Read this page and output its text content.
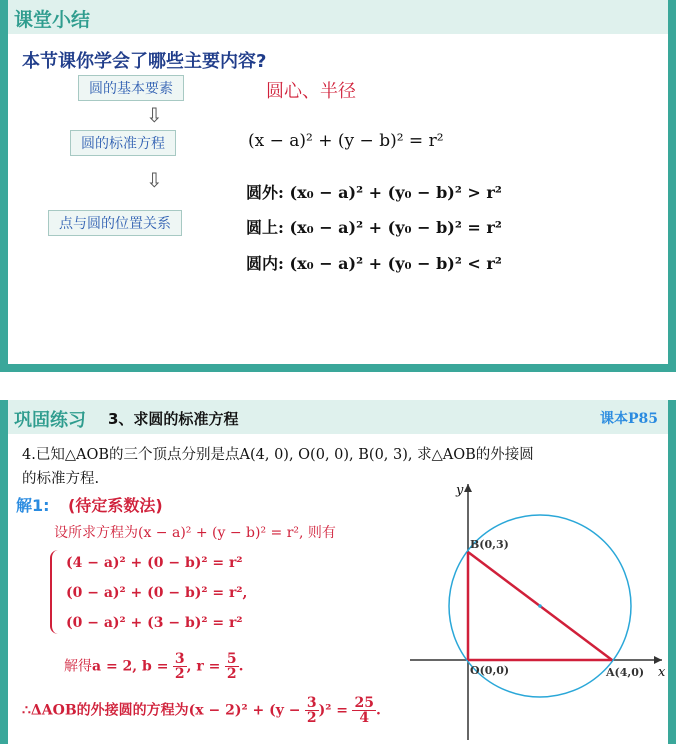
课堂小结
本节课你学会了哪些主要内容?
圆的基本要素	圆心、半径
⇩
圆的标准方程	(x − a)² + (y − b)² = r²
⇩
点与圆的位置关系
圆外: (x₀ − a)² + (y₀ − b)² > r²
圆上: (x₀ − a)² + (y₀ − b)² = r²
圆内: (x₀ − a)² + (y₀ − b)² < r²
巩固练习 3、求圆的标准方程	课本P85
4.已知△AOB的三个顶点分别是点A(4, 0), O(0, 0), B(0, 3), 求△AOB的外接圆
的标准方程.
解1: (待定系数法)
设所求方程为(x − a)² + (y − b)² = r², 则有
(4 − a)² + (0 − b)² = r²
(0 − a)² + (0 − b)² = r²,
(0 − a)² + (3 − b)² = r²
解得a = 2, $b = \frac{3}{2}$ , $r = \frac{5}{2}$ .
∴ΔAOB的外接圆的方程为$(x - 2)^2 + (y - \frac{3}{2} )^2 = \frac{25}{4}$ .
x
y
B(0,3)
O(0,0)	A(4,0)
